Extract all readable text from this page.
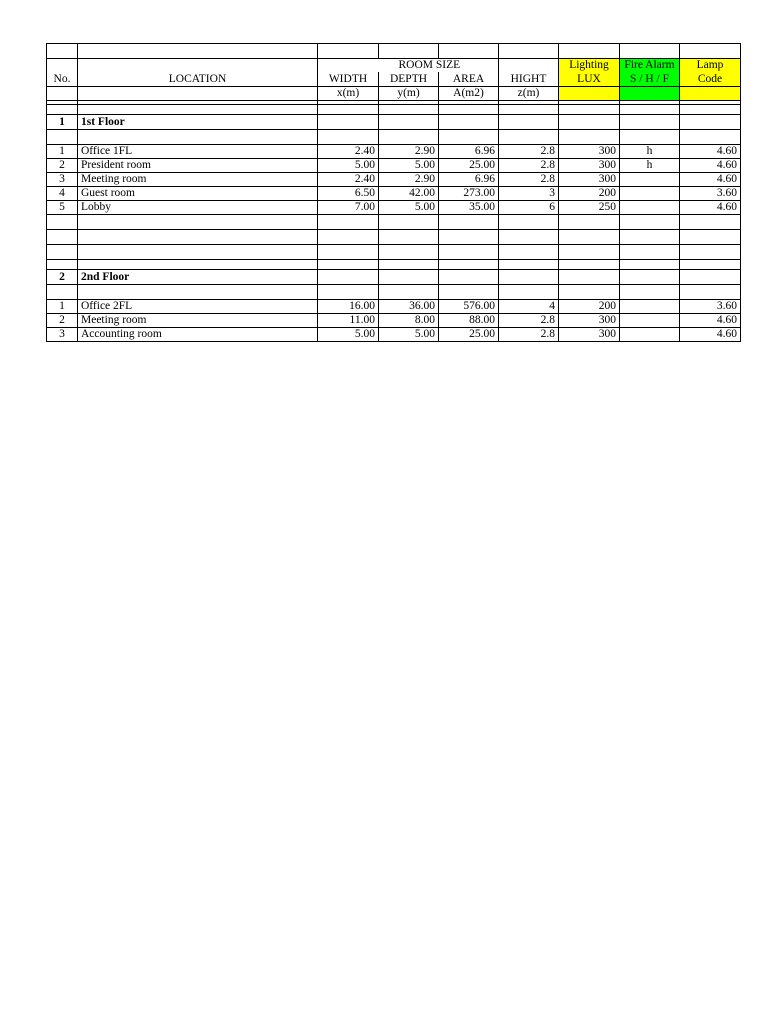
			ROOM SIZE			Lighting	Fire Alarm	Lamp
No.	LOCATION	WIDTH	DEPTH	AREA	HIGHT	LUX	S / H / F	Code
		x(m)	y(m)	A(m2)	z(m)			

1	1st Floor							

1	Office 1FL	2.40	2.90	6.96	2.8	300	h	4.60
2	President room	5.00	5.00	25.00	2.8	300	h	4.60
3	Meeting room	2.40	2.90	6.96	2.8	300		4.60
4	Guest room	6.50	42.00	273.00	3	200		3.60
5	Lobby	7.00	5.00	35.00	6	250		4.60

2	2nd Floor							

1	Office 2FL	16.00	36.00	576.00	4	200		3.60
2	Meeting room	11.00	8.00	88.00	2.8	300		4.60
3	Accounting room	5.00	5.00	25.00	2.8	300		4.60
